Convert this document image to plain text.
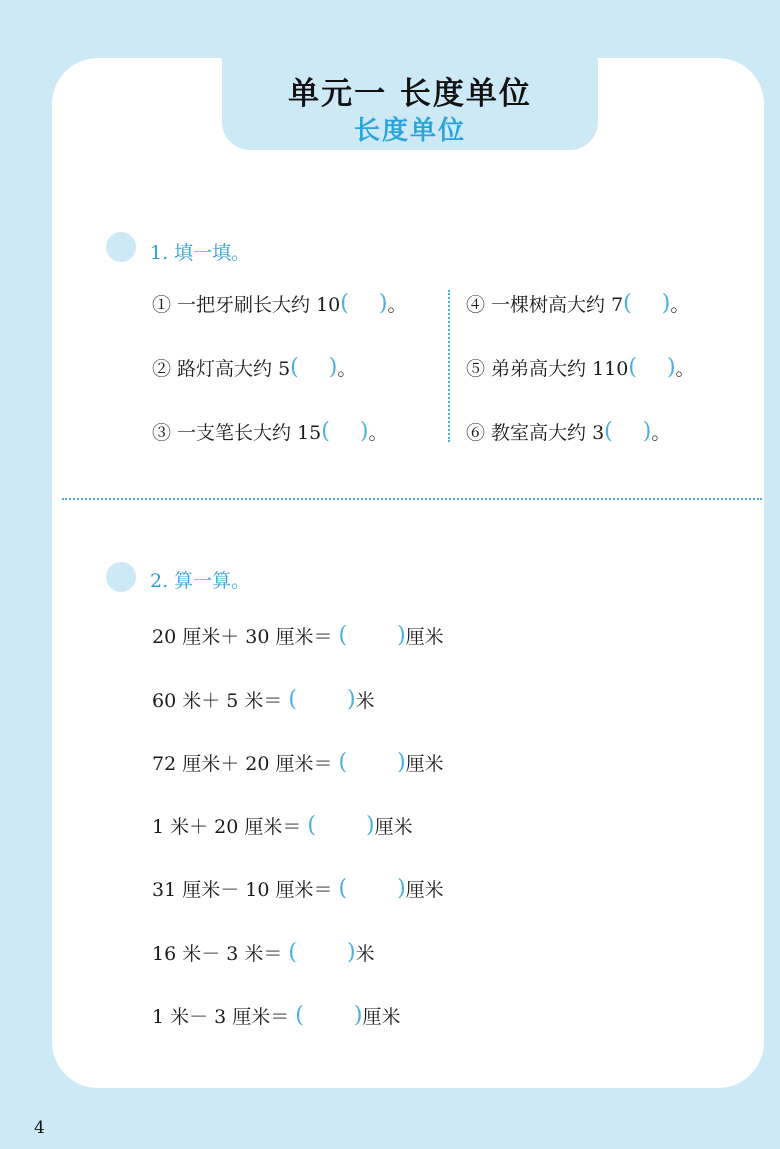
单元一 长度单位
长度单位
1. 填一填。
① 一把牙刷长大约 10 ( ) 。
② 路灯高大约 5 ( ) 。
③ 一支笔长大约 15 ( ) 。
④ 一棵树高大约 7 ( ) 。
⑤ 弟弟高大约 110 ( ) 。
⑥ 教室高大约 3 ( ) 。
2. 算一算。
20 厘米＋ 30 厘米＝ ( ) 厘米
60 米＋ 5 米＝ ( ) 米
72 厘米＋ 20 厘米＝ ( ) 厘米
1 米＋ 20 厘米＝ ( ) 厘米
31 厘米－ 10 厘米＝ ( ) 厘米
16 米－ 3 米＝ ( ) 米
1 米－ 3 厘米＝ ( ) 厘米
4
